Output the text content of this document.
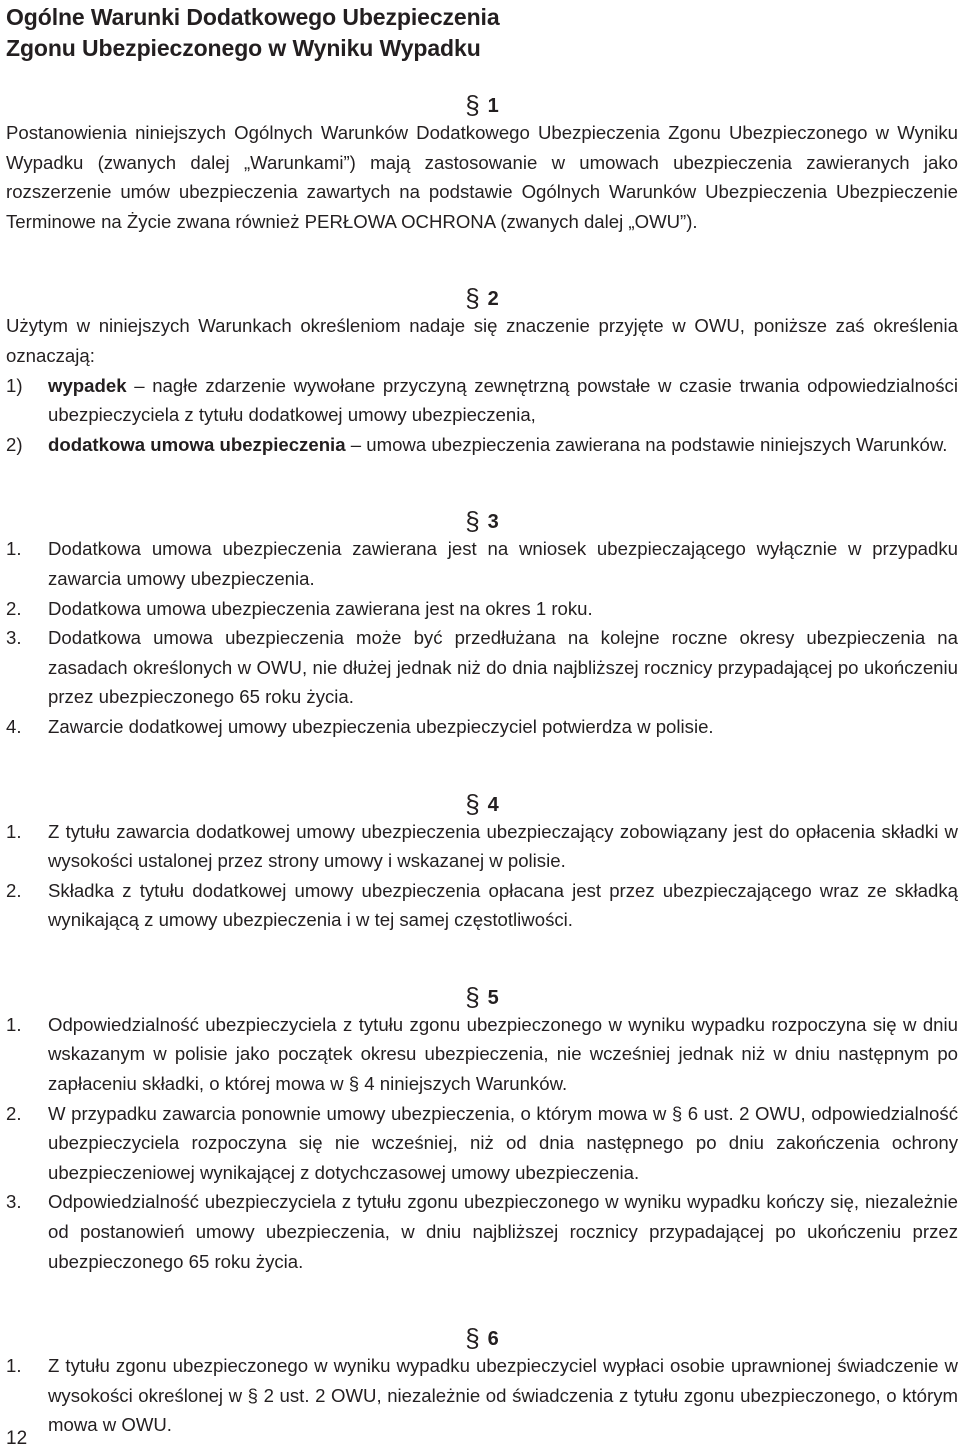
Ogólne Warunki Dodatkowego Ubezpieczenia
Zgonu Ubezpieczonego w Wyniku Wypadku

§ 1

Postanowienia niniejszych Ogólnych Warunków Dodatkowego Ubezpieczenia Zgonu Ubezpieczonego w Wyniku Wypadku (zwanych dalej „Warunkami”) mają zastosowanie w umowach ubezpieczenia zawieranych jako rozszerzenie umów ubezpieczenia zawartych na podstawie Ogólnych Warunków Ubezpieczenia Ubezpieczenie Terminowe na Życie zwana również PERŁOWA OCHRONA (zwanych dalej „OWU”).

§ 2

Użytym w niniejszych Warunkach określeniom nadaje się znaczenie przyjęte w OWU, poniższe zaś określenia oznaczają:

1) wypadek – nagłe zdarzenie wywołane przyczyną zewnętrzną powstałe w czasie trwania odpowiedzialności ubezpieczyciela z tytułu dodatkowej umowy ubezpieczenia,
2) dodatkowa umowa ubezpieczenia – umowa ubezpieczenia zawierana na podstawie niniejszych Warunków.

§ 3

1. Dodatkowa umowa ubezpieczenia zawierana jest na wniosek ubezpieczającego wyłącznie w przypadku zawarcia umowy ubezpieczenia.
2. Dodatkowa umowa ubezpieczenia zawierana jest na okres 1 roku.
3. Dodatkowa umowa ubezpieczenia może być przedłużana na kolejne roczne okresy ubezpieczenia na zasadach określonych w OWU, nie dłużej jednak niż do dnia najbliższej rocznicy przypadającej po ukończeniu przez ubezpieczonego 65 roku życia.
4. Zawarcie dodatkowej umowy ubezpieczenia ubezpieczyciel potwierdza w polisie.

§ 4

1. Z tytułu zawarcia dodatkowej umowy ubezpieczenia ubezpieczający zobowiązany jest do opłacenia składki w wysokości ustalonej przez strony umowy i wskazanej w polisie.
2. Składka z tytułu dodatkowej umowy ubezpieczenia opłacana jest przez ubezpieczającego wraz ze składką wynikającą z umowy ubezpieczenia i w tej samej częstotliwości.

§ 5

1. Odpowiedzialność ubezpieczyciela z tytułu zgonu ubezpieczonego w wyniku wypadku rozpoczyna się w dniu wskazanym w polisie jako początek okresu ubezpieczenia, nie wcześniej jednak niż w dniu następnym po zapłaceniu składki, o której mowa w § 4 niniejszych Warunków.
2. W przypadku zawarcia ponownie umowy ubezpieczenia, o którym mowa w § 6 ust. 2 OWU, odpowiedzialność ubezpieczyciela rozpoczyna się nie wcześniej, niż od dnia następnego po dniu zakończenia ochrony ubezpieczeniowej wynikającej z dotychczasowej umowy ubezpieczenia.
3. Odpowiedzialność ubezpieczyciela z tytułu zgonu ubezpieczonego w wyniku wypadku kończy się, niezależnie od postanowień umowy ubezpieczenia, w dniu najbliższej rocznicy przypadającej po ukończeniu przez ubezpieczonego 65 roku życia.

§ 6

1. Z tytułu zgonu ubezpieczonego w wyniku wypadku ubezpieczyciel wypłaci osobie uprawnionej świadczenie w wysokości określonej w § 2 ust. 2 OWU, niezależnie od świadczenia z tytułu zgonu ubezpieczonego, o którym mowa w OWU.
12
